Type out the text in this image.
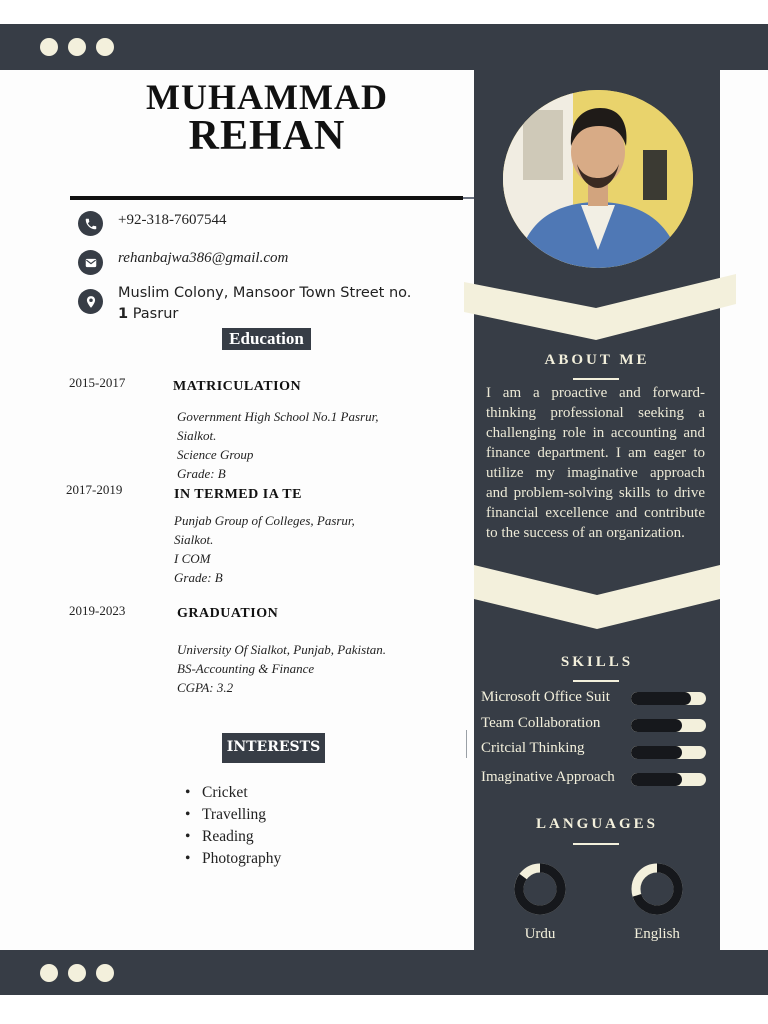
MUHAMMAD
REHAN
+92-318-7607544
rehanbajwa386@gmail.com
Muslim Colony, Mansoor Town Street no.
1 Pasrur
Education
2015-2017	MATRICULATION
Government High School No.1 Pasrur,
Sialkot.
Science Group
Grade: B
2017-2019	IN TERMED IA TE
Punjab Group of Colleges, Pasrur,
Sialkot.
I COM
Grade: B
2019-2023	GRADUATION
University Of Sialkot, Punjab, Pakistan.
BS-Accounting & Finance
CGPA: 3.2
INTERESTS
• Cricket
• Travelling
• Reading
• Photography
ABOUT ME
I am a proactive and forward-thinking professional seeking a challenging role in accounting and finance department. I am eager to utilize my imaginative approach and problem-solving skills to drive financial excellence and contribute to the success of an organization.
SKILLS
Microsoft Office Suit
Team Collaboration
Critcial Thinking
Imaginative Approach
LANGUAGES
Urdu	English
